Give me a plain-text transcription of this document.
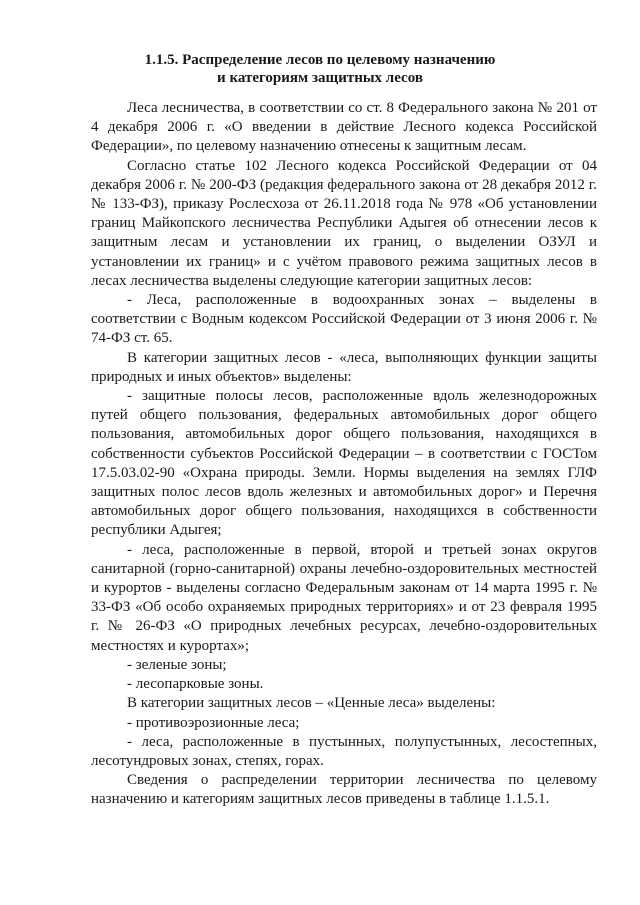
1.1.5. Распределение лесов по целевому назначению
и категориям защитных лесов

Леса лесничества, в соответствии со ст. 8 Федерального закона № 201 от 4 декабря 2006 г. «О введении в действие Лесного кодекса Российской Федерации», по целевому назначению отнесены к защитным лесам.

Согласно статье 102 Лесного кодекса Российской Федерации от 04 декабря 2006 г. № 200-ФЗ (редакция федерального закона от 28 декабря 2012 г. № 133-ФЗ), приказу Рослесхоза от 26.11.2018 года № 978 «Об установлении границ Майкопского лесничества Республики Адыгея об отнесении лесов к защитным лесам и установлении их границ, о выделении ОЗУЛ и установлении их границ» и с учётом правового режима защитных лесов в лесах лесничества выделены следующие категории защитных лесов:

- Леса, расположенные в водоохранных зонах – выделены в соответствии с Водным кодексом Российской Федерации от 3 июня 2006 г. № 74-ФЗ ст. 65.

В категории защитных лесов - «леса, выполняющих функции защиты природных и иных объектов» выделены:

- защитные полосы лесов, расположенные вдоль железнодорожных путей общего пользования, федеральных автомобильных дорог общего пользования, автомобильных дорог общего пользования, находящихся в собственности субъектов Российской Федерации – в соответствии с ГОСТом 17.5.03.02-90 «Охрана природы. Земли. Нормы выделения на землях ГЛФ защитных полос лесов вдоль железных и автомобильных дорог» и Перечня автомобильных дорог общего пользования, находящихся в собственности республики Адыгея;

- леса, расположенные в первой, второй и третьей зонах округов санитарной (горно-санитарной) охраны лечебно-оздоровительных местностей и курортов - выделены согласно Федеральным законам от 14 марта 1995 г. № 33-ФЗ «Об особо охраняемых природных территориях» и от 23 февраля 1995 г. № 26-ФЗ «О природных лечебных ресурсах, лечебно-оздоровительных местностях и курортах»;

- зеленые зоны;

- лесопарковые зоны.

В категории защитных лесов – «Ценные леса» выделены:

- противоэрозионные леса;

- леса, расположенные в пустынных, полупустынных, лесостепных, лесотундровых зонах, степях, горах.

Сведения о распределении территории лесничества по целевому назначению и категориям защитных лесов приведены в таблице 1.1.5.1.
